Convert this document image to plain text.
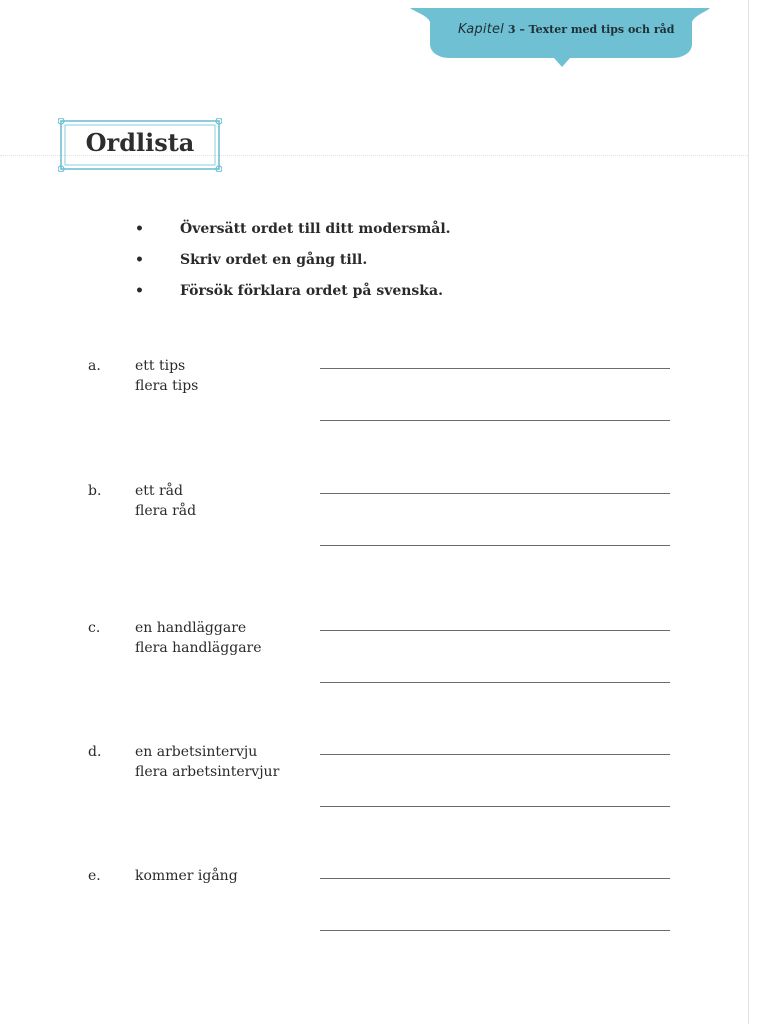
Kapitel 3 – Texter med tips och råd
Ordlista
•	Översätt ordet till ditt modersmål.
•	Skriv ordet en gång till.
•	Försök förklara ordet på svenska.
a. ett tips
flera tips
b. ett råd
flera råd
c. en handläggare
flera handläggare
d. en arbetsintervju
flera arbetsintervjur
e. kommer igång
